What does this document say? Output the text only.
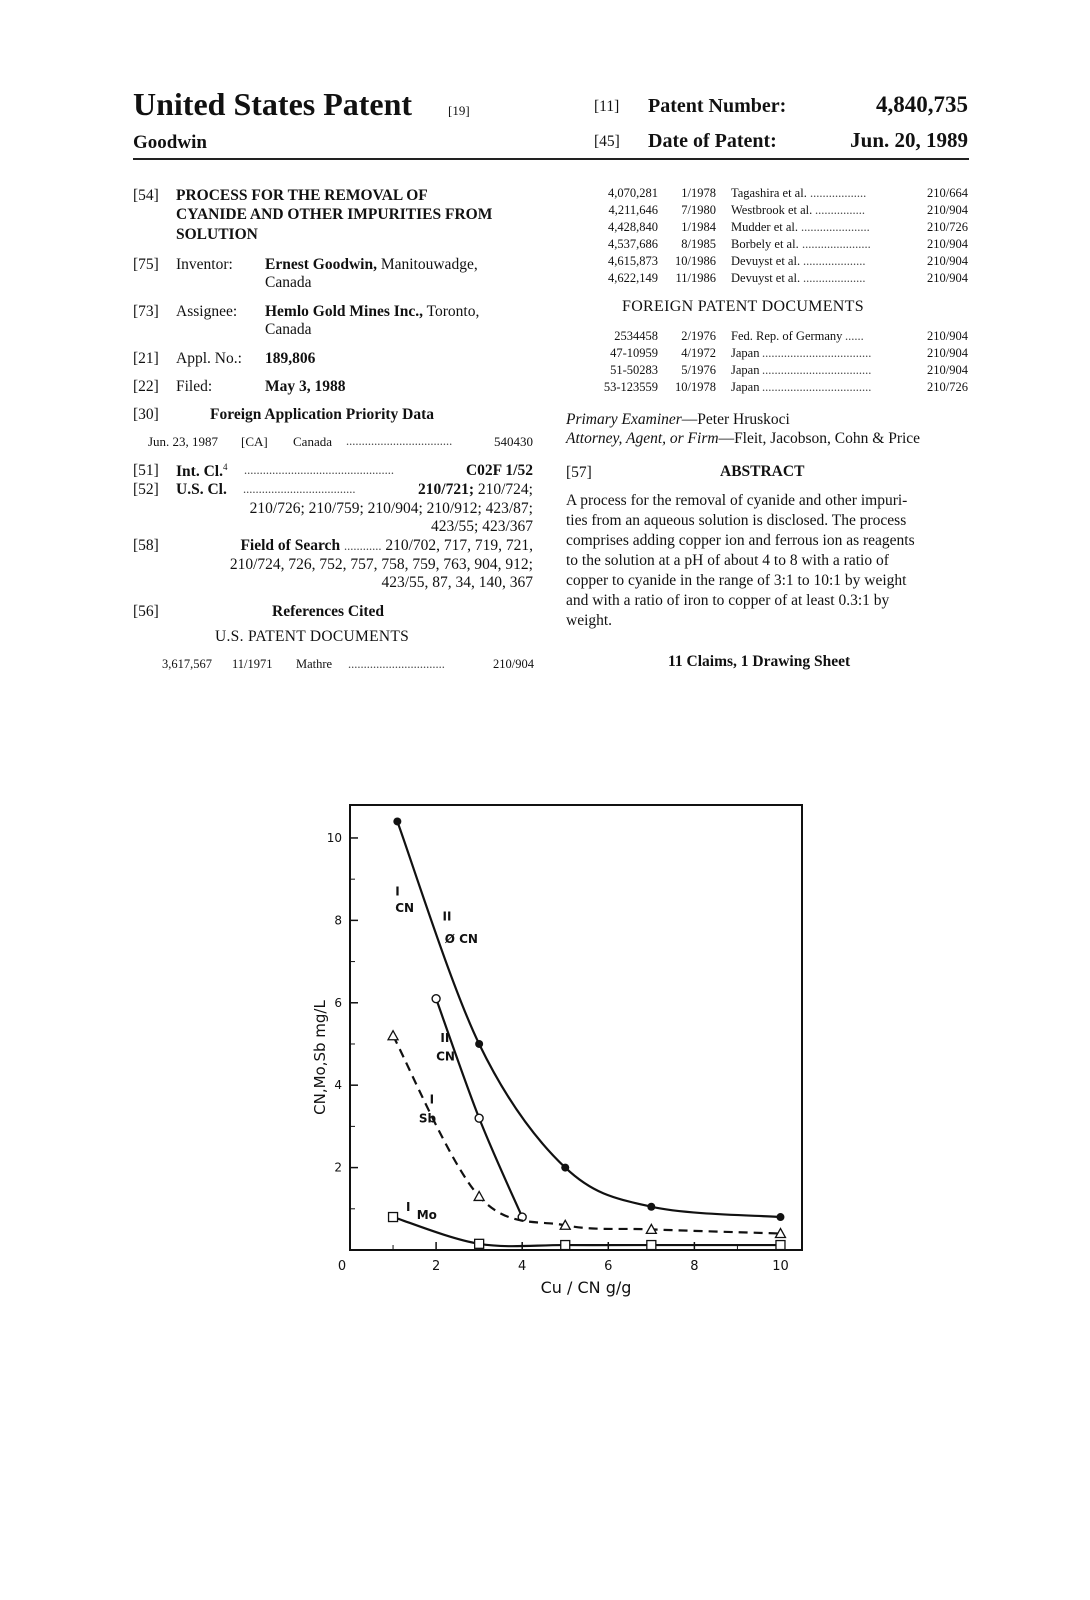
United States Patent	[19]
Goodwin
[11] Patent Number:	4,840,735
[45] Date of Patent:	Jun. 20, 1989
[54] PROCESS FOR THE REMOVAL OF
CYANIDE AND OTHER IMPURITIES FROM
SOLUTION
[75] Inventor: Ernest Goodwin, Manitouwadge,
Canada
[73] Assignee: Hemlo Gold Mines Inc., Toronto,
Canada
[21] Appl. No.: 189,806
[22] Filed:	May 3, 1988
[30]	Foreign Application Priority Data
Jun. 23, 1987 [CA] Canada ..................................	540430
[51] Int. Cl.$^4$ ................................................	C02F 1/52
[52] U.S. Cl. ....................................	210/721; 210/724;
210/726; 210/759; 210/904; 210/912; 423/87;
423/55; 423/367
[58]	Field of Search ............ 210/702, 717, 719, 721,
210/724, 726, 752, 757, 758, 759, 763, 904, 912;
423/55, 87, 34, 140, 367
[56]	References Cited
U.S. PATENT DOCUMENTS
3,617,567 11/1971 Mathre ...............................	210/904
4,070,281 1/1978 Tagashira et al. ..................	210/664
4,211,646 7/1980 Westbrook et al. ................	210/904
4,428,840 1/1984 Mudder et al. ......................	210/726
4,537,686 8/1985 Borbely et al. ......................	210/904
4,615,873 10/1986 Devuyst et al. ....................	210/904
4,622,149 11/1986 Devuyst et al. ....................	210/904
FOREIGN PATENT DOCUMENTS
2534458 2/1976 Fed. Rep. of Germany ......	210/904
47-10959 4/1972 Japan ...................................	210/904
51-50283 5/1976 Japan ...................................	210/904
53-123559 10/1978 Japan ...................................	210/726
Primary Examiner—Peter Hruskoci
Attorney, Agent, or Firm—Fleit, Jacobson, Cohn & Price
[57]	ABSTRACT
A process for the removal of cyanide and other impuri-
ties from an aqueous solution is disclosed. The process
comprises adding copper ion and ferrous ion as reagents
to the solution at a pH of about 4 to 8 with a ratio of
copper to cyanide in the range of 3:1 to 10:1 by weight
and with a ratio of iron to copper of at least 0.3:1 by
weight.
11 Claims, 1 Drawing Sheet
2	4	6	8	10
2
4
6
8
10
0
Cu / CN g/g
CN,Mo,Sb mg/L
I
CN
II
Ø CN
II
CN
I
Sb
I
Mo
